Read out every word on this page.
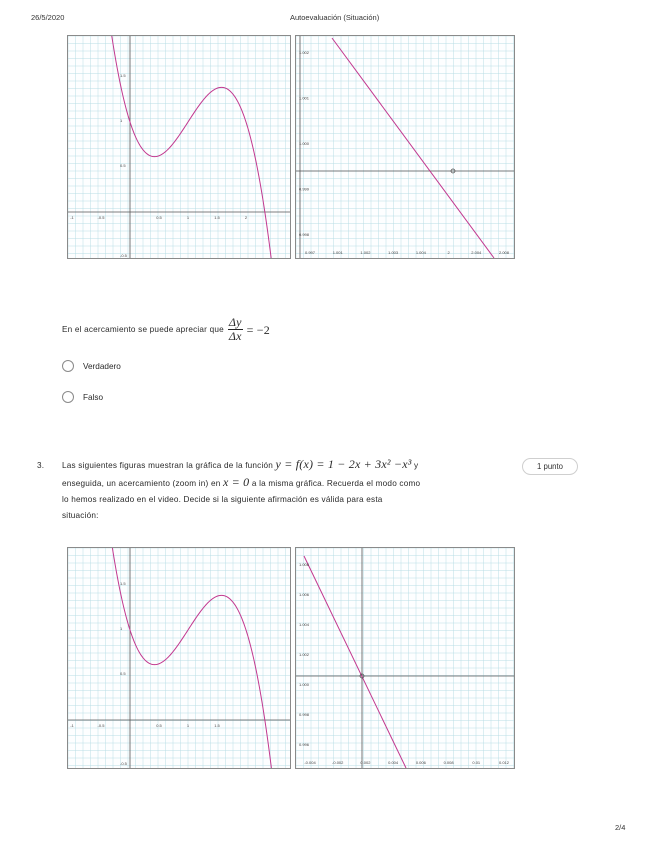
26/5/2020	Autoevaluación (Situación)
-1	-0.5	0.5	1	1.5	2
1.5
1
0.5
-0.5
0.997	1.001	1.002	1.003	1.004	2	2.004	2.008
1.002
1.001
1.000
0.999
0.998
En el acercamiento se puede apreciar que $\frac{\Delta y}{\Delta x} = -2$
Verdadero
Falso
3.	1 punto
Las siguientes figuras muestran la gráfica de la función y = f(x) = 1 − 2x + 3x² −x³ y
enseguida, un acercamiento (zoom in) en x = 0 a la misma gráfica. Recuerda el modo como
lo hemos realizado en el video. Decide si la siguiente afirmación es válida para esta
situación:
-1	-0.5	0.5	1	1.5
1.5
1
0.5
-0.5	-0.004	-0.002	0.002	0.004	0.006	0.008	0.01	0.012
1.008
1.006
1.004
1.002
1.000
0.998
0.996
2/4
